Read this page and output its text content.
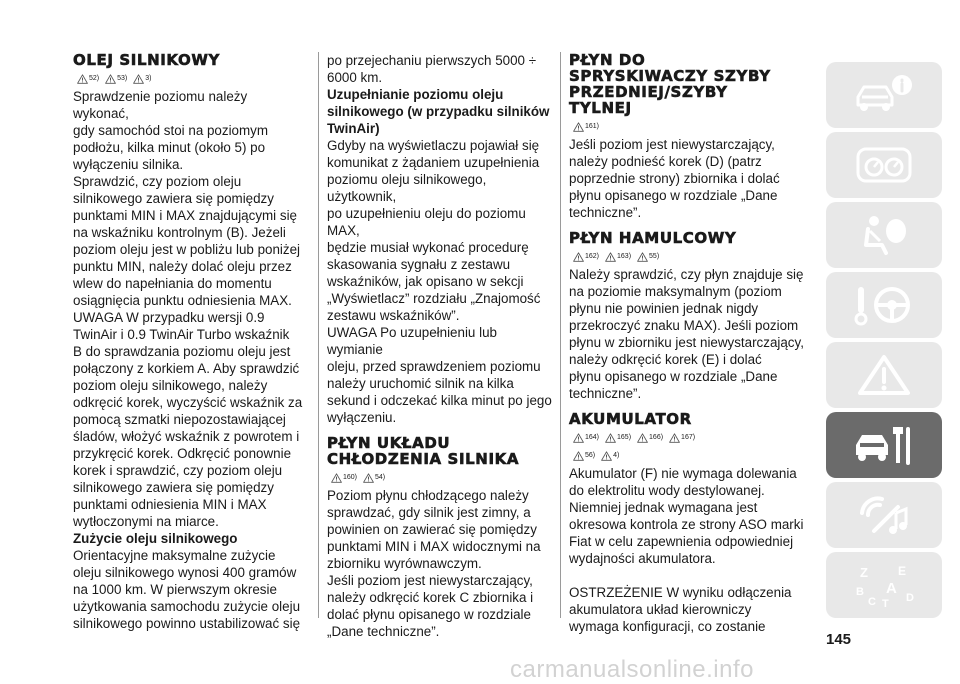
OLEJ SILNIKOWY
52)	53)	3)

Sprawdzenie poziomu należy wykonać,
gdy samochód stoi na poziomym
podłożu, kilka minut (około 5) po
wyłączeniu silnika.

Sprawdzić, czy poziom oleju
silnikowego zawiera się pomiędzy
punktami MIN i MAX znajdującymi się
na wskaźniku kontrolnym (B). Jeżeli
poziom oleju jest w pobliżu lub poniżej
punktu MIN, należy dolać oleju przez
wlew do napełniania do momentu
osiągnięcia punktu odniesienia MAX.

UWAGA W przypadku wersji 0.9
TwinAir i 0.9 TwinAir Turbo wskaźnik
B do sprawdzania poziomu oleju jest
połączony z korkiem A. Aby sprawdzić
poziom oleju silnikowego, należy
odkręcić korek, wyczyścić wskaźnik za
pomocą szmatki niepozostawiającej
śladów, włożyć wskaźnik z powrotem i
przykręcić korek. Odkręcić ponownie
korek i sprawdzić, czy poziom oleju
silnikowego zawiera się pomiędzy
punktami odniesienia MIN i MAX
wytłoczonymi na miarce.

Zużycie oleju silnikowego

Orientacyjne maksymalne zużycie
oleju silnikowego wynosi 400 gramów
na 1000 km. W pierwszym okresie
użytkowania samochodu zużycie oleju
silnikowego powinno ustabilizować się

po przejechaniu pierwszych 5000 ÷
6000 km.

Uzupełnianie poziomu oleju
silnikowego (w przypadku silników
TwinAir)

Gdyby na wyświetlaczu pojawiał się
komunikat z żądaniem uzupełnienia
poziomu oleju silnikowego, użytkownik,
po uzupełnieniu oleju do poziomu MAX,
będzie musiał wykonać procedurę
skasowania sygnału z zestawu
wskaźników, jak opisano w sekcji
„Wyświetlacz” rozdziału „Znajomość
zestawu wskaźników”.

UWAGA Po uzupełnieniu lub wymianie
oleju, przed sprawdzeniem poziomu
należy uruchomić silnik na kilka
sekund i odczekać kilka minut po jego
wyłączeniu.

PŁYN UKŁADU
CHŁODZENIA SILNIKA
160)	54)

Poziom płynu chłodzącego należy
sprawdzać, gdy silnik jest zimny, a
powinien on zawierać się pomiędzy
punktami MIN i MAX widocznymi na
zbiorniku wyrównawczym.

Jeśli poziom jest niewystarczający,
należy odkręcić korek C zbiornika i
dolać płynu opisanego w rozdziale
„Dane techniczne”.

PŁYN DO
SPRYSKIWACZY SZYBY
PRZEDNIEJ/SZYBY
TYLNEJ
161)

Jeśli poziom jest niewystarczający,
należy podnieść korek (D) (patrz
poprzednie strony) zbiornika i dolać
płynu opisanego w rozdziale „Dane
techniczne”.

PŁYN HAMULCOWY
162)	163)	55)

Należy sprawdzić, czy płyn znajduje się
na poziomie maksymalnym (poziom
płynu nie powinien jednak nigdy
przekroczyć znaku MAX). Jeśli poziom
płynu w zbiorniku jest niewystarczający,
należy odkręcić korek (E) i dolać
płynu opisanego w rozdziale „Dane
techniczne”.

AKUMULATOR
164)	165)	166)	167)
56)	4)

Akumulator (F) nie wymaga dolewania
do elektrolitu wody destylowanej.
Niemniej jednak wymagana jest
okresowa kontrola ze strony ASO marki
Fiat w celu zapewnienia odpowiedniej
wydajności akumulatora.

OSTRZEŻENIE W wyniku odłączenia
akumulatora układ kierowniczy
wymaga konfiguracji, co zostanie

Z	E
B A
C	D
T
145
carmanualsonline.info
